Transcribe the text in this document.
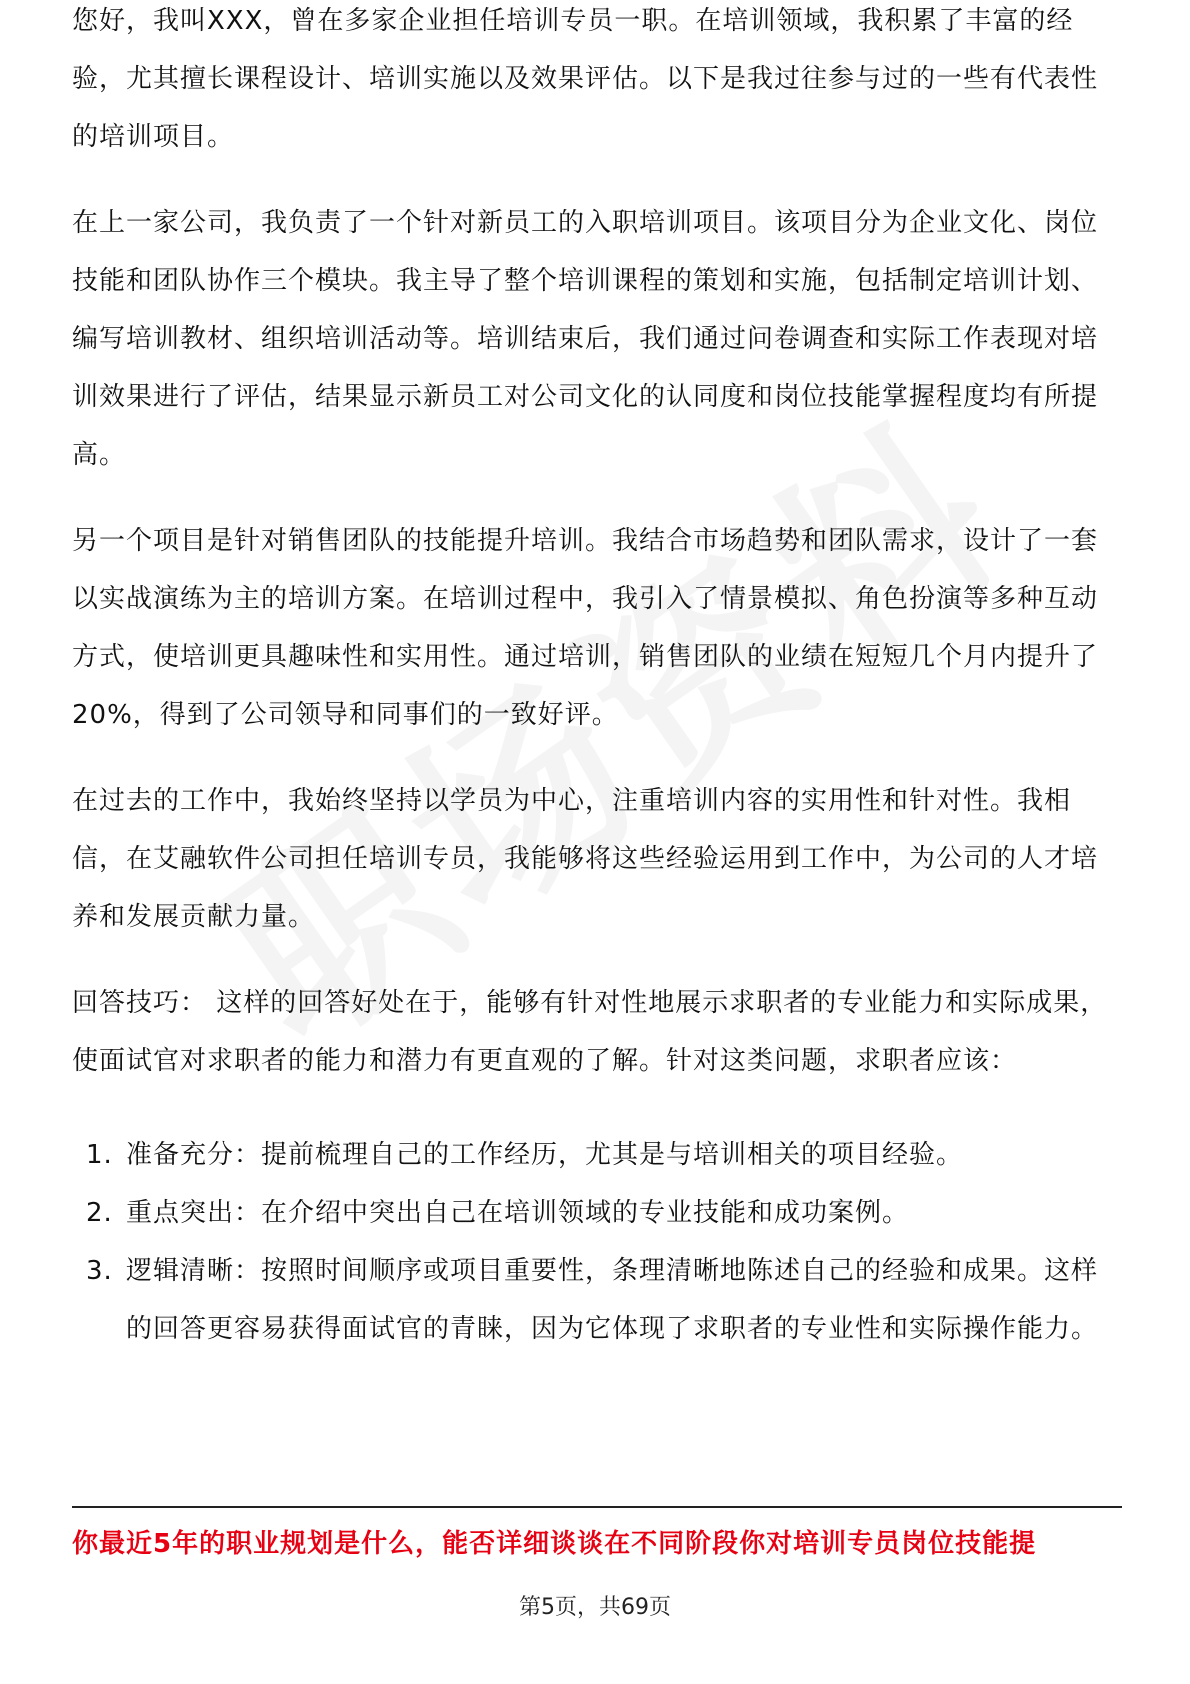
您好，我叫XXX，曾在多家企业担任培训专员一职。在培训领域，我积累了丰富的经验，尤其擅长课程设计、培训实施以及效果评估。以下是我过往参与过的一些有代表性的培训项目。

在上一家公司，我负责了一个针对新员工的入职培训项目。该项目分为企业文化、岗位技能和团队协作三个模块。我主导了整个培训课程的策划和实施，包括制定培训计划、编写培训教材、组织培训活动等。培训结束后，我们通过问卷调查和实际工作表现对培训效果进行了评估，结果显示新员工对公司文化的认同度和岗位技能掌握程度均有所提高。

另一个项目是针对销售团队的技能提升培训。我结合市场趋势和团队需求，设计了一套以实战演练为主的培训方案。在培训过程中，我引入了情景模拟、角色扮演等多种互动方式，使培训更具趣味性和实用性。通过培训，销售团队的业绩在短短几个月内提升了20%，得到了公司领导和同事们的一致好评。

在过去的工作中，我始终坚持以学员为中心，注重培训内容的实用性和针对性。我相信，在艾融软件公司担任培训专员，我能够将这些经验运用到工作中，为公司的人才培养和发展贡献力量。

回答技巧： 这样的回答好处在于，能够有针对性地展示求职者的专业能力和实际成果，使面试官对求职者的能力和潜力有更直观的了解。针对这类问题，求职者应该：

1. 准备充分：提前梳理自己的工作经历，尤其是与培训相关的项目经验。
2. 重点突出：在介绍中突出自己在培训领域的专业技能和成功案例。
3. 逻辑清晰：按照时间顺序或项目重要性，条理清晰地陈述自己的经验和成果。这样的回答更容易获得面试官的青睐，因为它体现了求职者的专业性和实际操作能力。
你最近5年的职业规划是什么，能否详细谈谈在不同阶段你对培训专员岗位技能提
第5页，共69页
